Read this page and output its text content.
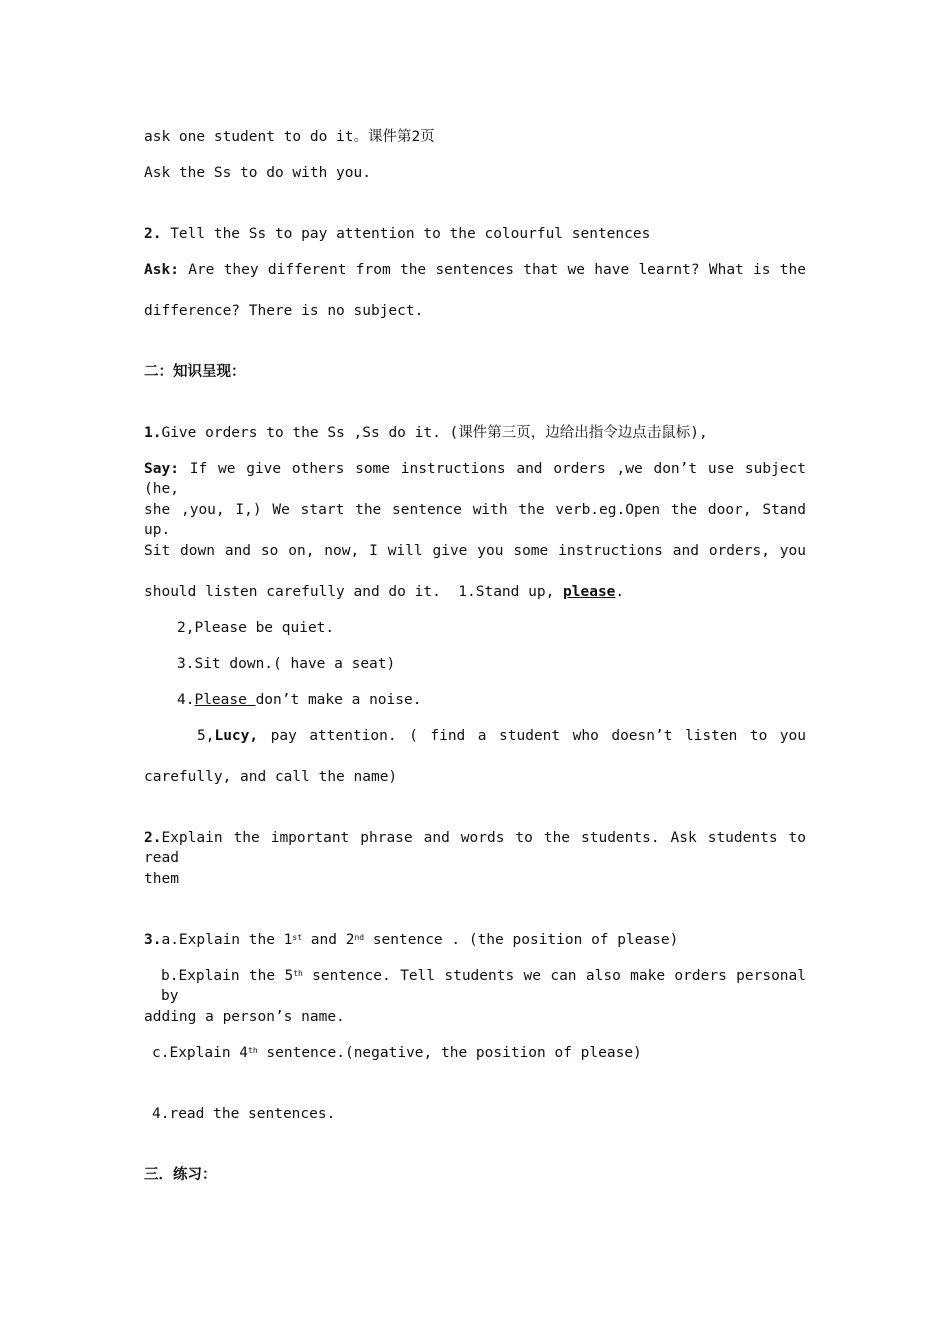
ask one student to do it。课件第2页
Ask the Ss to do with you.
2. Tell the Ss to pay attention to the colourful sentences
Ask: Are they different from the sentences that we have learnt? What is the
difference? There is no subject.
二：知识呈现：
1.Give orders to the Ss ,Ss do it. (课件第三页，边给出指令边点击鼠标),
Say: If we give others some instructions and orders ,we don’t use subject (he,
she ,you, I,) We start the sentence with the verb.eg.Open the door, Stand up.
Sit down and so on, now, I will give you some instructions and orders, you
should listen carefully and do it.  1.Stand up, please.
2,Please be quiet.
3.Sit down.( have a seat)
4.Please don’t make a noise.
5,Lucy, pay attention. ( find a student who doesn’t listen to you
carefully, and call the name)
2.Explain the important phrase and words to the students. Ask students to read
them
3.a.Explain the 1st and 2nd sentence . (the position of please)
b.Explain the 5th sentence. Tell students we can also make orders personal by
adding a person’s name.
c.Explain 4th sentence.(negative, the position of please)
4.read the sentences.
三．练习：
